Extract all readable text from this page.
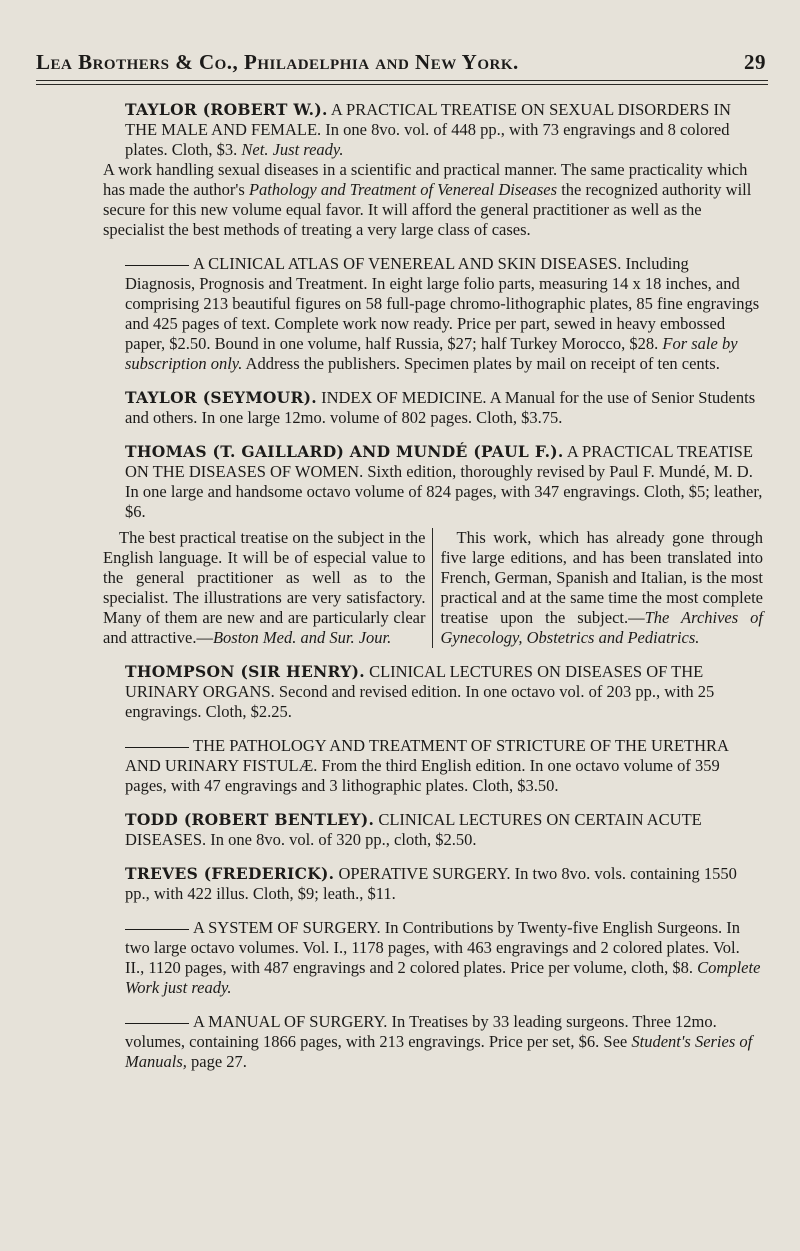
Lea Brothers & Co., Philadelphia and New York.	29

TAYLOR (ROBERT W.). A PRACTICAL TREATISE ON SEXUAL DISORDERS IN THE MALE AND FEMALE. In one 8vo. vol. of 448 pp., with 73 engravings and 8 colored plates. Cloth, $3. Net. Just ready.

A work handling sexual diseases in a scientific and practical manner. The same practicality which has made the author's Pathology and Treatment of Venereal Diseases the recognized authority will secure for this new volume equal favor. It will afford the general practitioner as well as the specialist the best methods of treating a very large class of cases.

A CLINICAL ATLAS OF VENEREAL AND SKIN DISEASES. Including Diagnosis, Prognosis and Treatment. In eight large folio parts, measuring 14 x 18 inches, and comprising 213 beautiful figures on 58 full-page chromo-lithographic plates, 85 fine engravings and 425 pages of text. Complete work now ready. Price per part, sewed in heavy embossed paper, $2.50. Bound in one volume, half Russia, $27; half Turkey Morocco, $28. For sale by subscription only. Address the publishers. Specimen plates by mail on receipt of ten cents.

TAYLOR (SEYMOUR). INDEX OF MEDICINE. A Manual for the use of Senior Students and others. In one large 12mo. volume of 802 pages. Cloth, $3.75.

THOMAS (T. GAILLARD) AND MUNDÉ (PAUL F.). A PRACTICAL TREATISE ON THE DISEASES OF WOMEN. Sixth edition, thoroughly revised by Paul F. Mundé, M. D. In one large and handsome octavo volume of 824 pages, with 347 engravings. Cloth, $5; leather, $6.

The best practical treatise on the subject in the English language. It will be of especial value to the general practitioner as well as to the specialist. The illustrations are very satisfactory. Many of them are new and are particularly clear and attractive.—Boston Med. and Sur. Jour.

This work, which has already gone through five large editions, and has been translated into French, German, Spanish and Italian, is the most practical and at the same time the most complete treatise upon the subject.—The Archives of Gynecology, Obstetrics and Pediatrics.

THOMPSON (SIR HENRY). CLINICAL LECTURES ON DISEASES OF THE URINARY ORGANS. Second and revised edition. In one octavo vol. of 203 pp., with 25 engravings. Cloth, $2.25.

THE PATHOLOGY AND TREATMENT OF STRICTURE OF THE URETHRA AND URINARY FISTULÆ. From the third English edition. In one octavo volume of 359 pages, with 47 engravings and 3 lithographic plates. Cloth, $3.50.

TODD (ROBERT BENTLEY). CLINICAL LECTURES ON CERTAIN ACUTE DISEASES. In one 8vo. vol. of 320 pp., cloth, $2.50.

TREVES (FREDERICK). OPERATIVE SURGERY. In two 8vo. vols. containing 1550 pp., with 422 illus. Cloth, $9; leath., $11.

A SYSTEM OF SURGERY. In Contributions by Twenty-five English Surgeons. In two large octavo volumes. Vol. I., 1178 pages, with 463 engravings and 2 colored plates. Vol. II., 1120 pages, with 487 engravings and 2 colored plates. Price per volume, cloth, $8. Complete Work just ready.

A MANUAL OF SURGERY. In Treatises by 33 leading surgeons. Three 12mo. volumes, containing 1866 pages, with 213 engravings. Price per set, $6. See Student's Series of Manuals, page 27.
